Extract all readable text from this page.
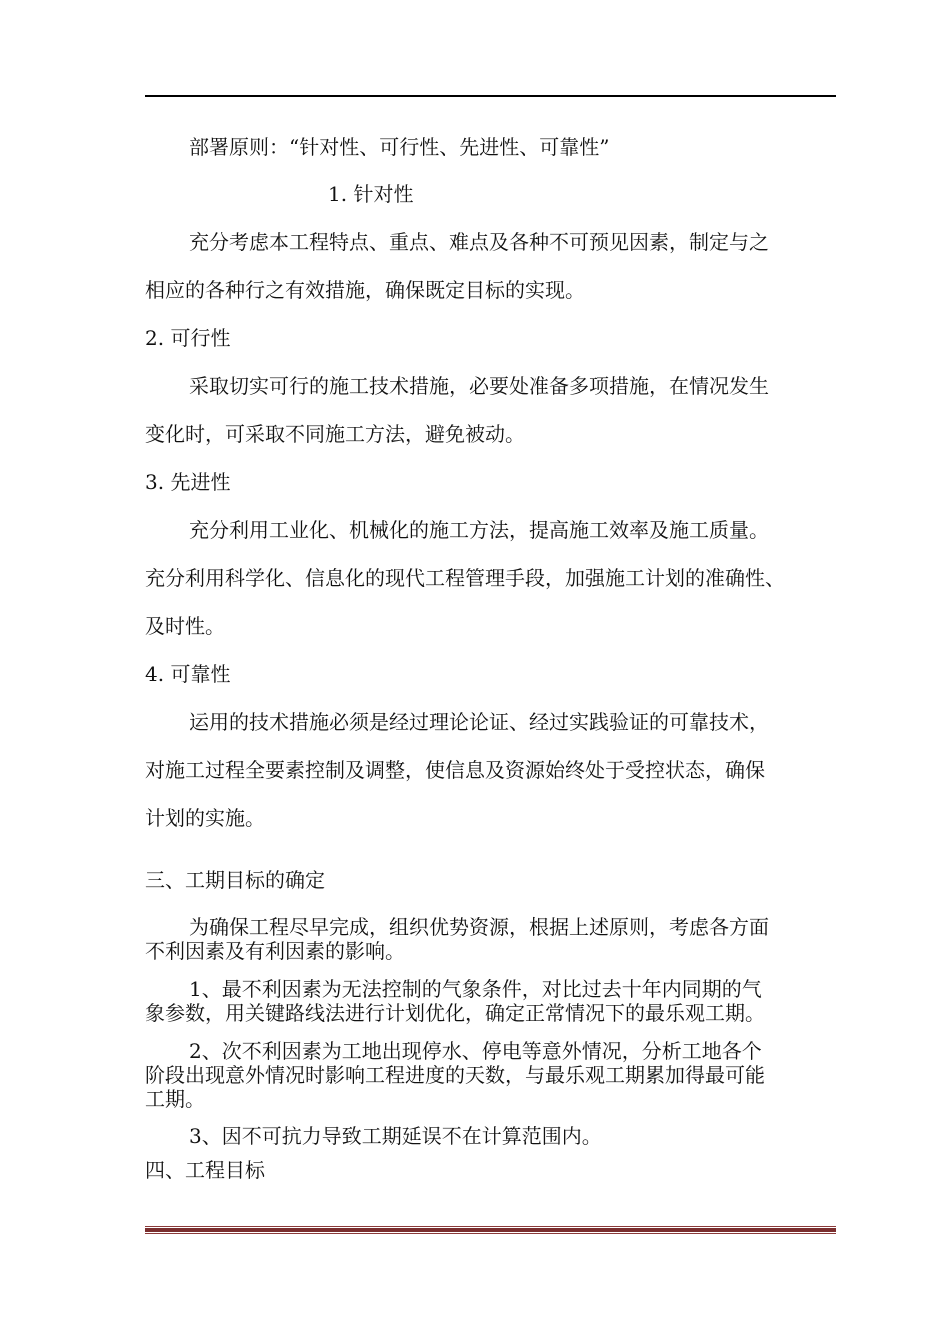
部署原则：“针对性、可行性、先进性、可靠性”
1. 针对性
充分考虑本工程特点、重点、难点及各种不可预见因素，制定与之
相应的各种行之有效措施，确保既定目标的实现。
2. 可行性
采取切实可行的施工技术措施，必要处准备多项措施，在情况发生
变化时，可采取不同施工方法，避免被动。
3. 先进性
充分利用工业化、机械化的施工方法，提高施工效率及施工质量。
充分利用科学化、信息化的现代工程管理手段，加强施工计划的准确性、
及时性。
4. 可靠性
运用的技术措施必须是经过理论论证、经过实践验证的可靠技术，
对施工过程全要素控制及调整，使信息及资源始终处于受控状态，确保
计划的实施。
三、工期目标的确定
为确保工程尽早完成，组织优势资源，根据上述原则，考虑各方面
不利因素及有利因素的影响。
1、最不利因素为无法控制的气象条件，对比过去十年内同期的气
象参数，用关键路线法进行计划优化，确定正常情况下的最乐观工期。
2、次不利因素为工地出现停水、停电等意外情况，分析工地各个
阶段出现意外情况时影响工程进度的天数，与最乐观工期累加得最可能
工期。
3、因不可抗力导致工期延误不在计算范围内。
四、工程目标
